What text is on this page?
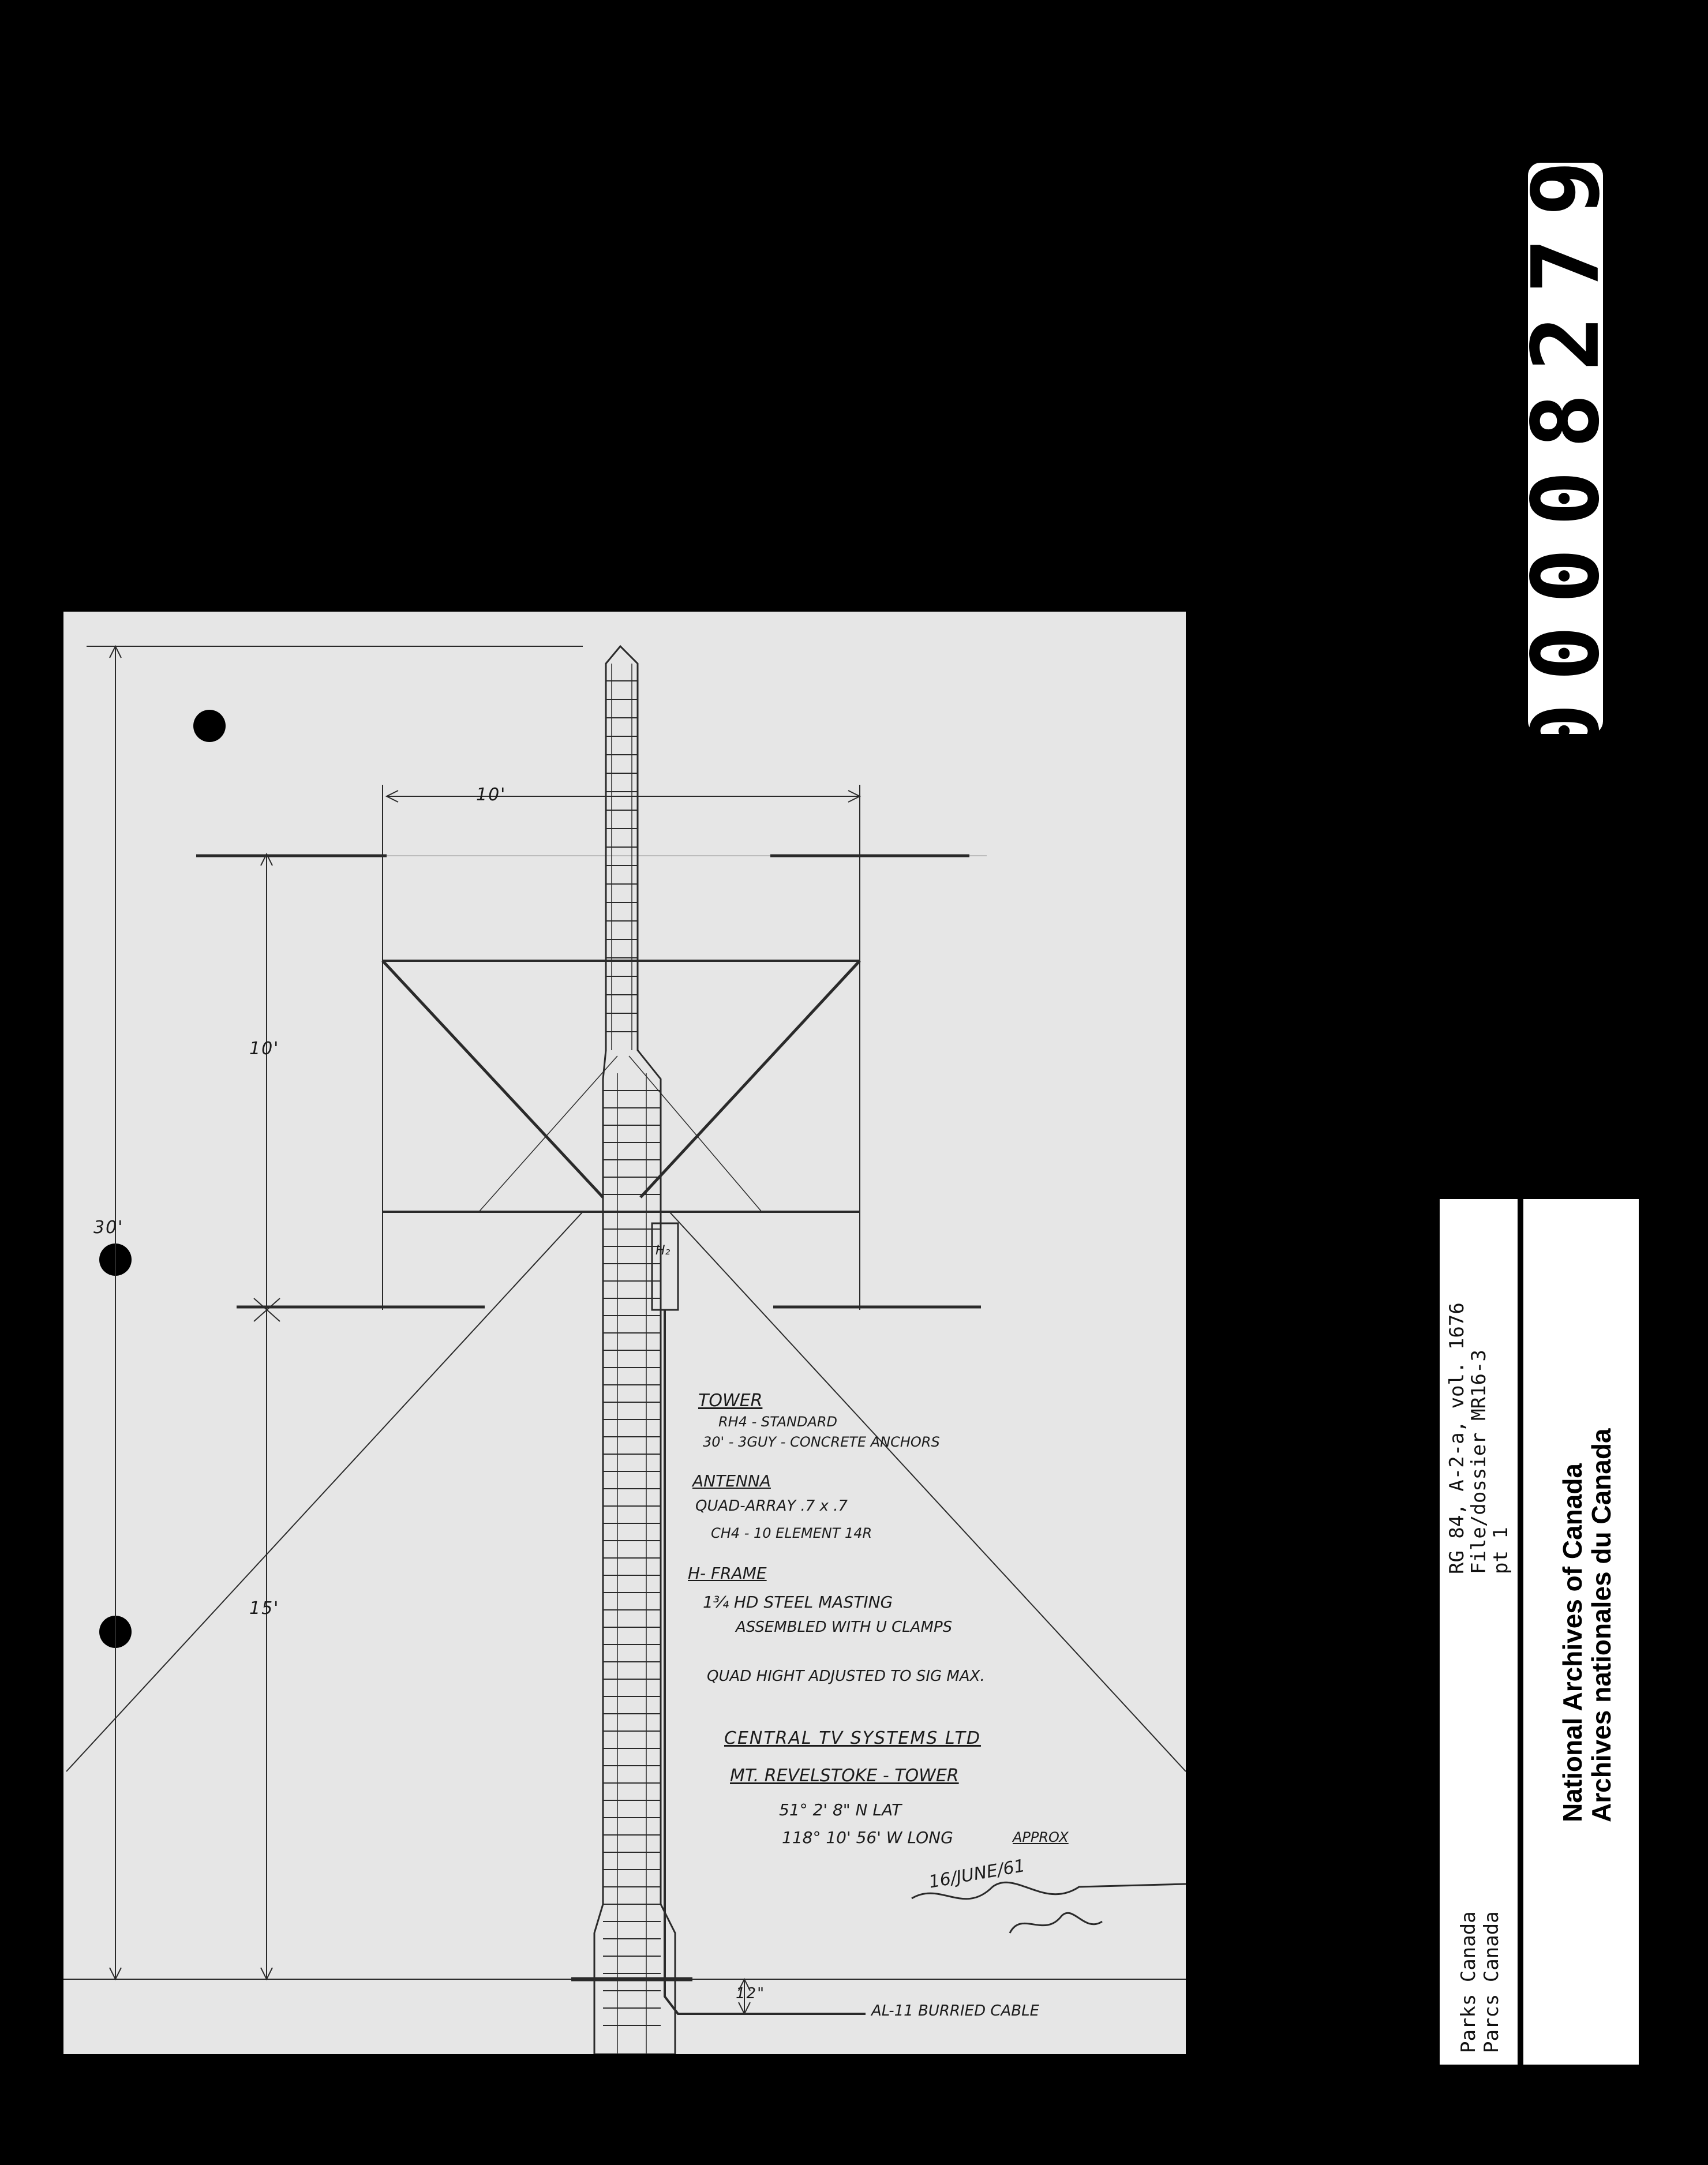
30'
10'
10'
15'
12"
H₂
TOWER
RH4 - STANDARD
30' - 3GUY - CONCRETE ANCHORS
ANTENNA
QUAD-ARRAY .7 x .7
CH4 - 10 ELEMENT 14R
H- FRAME
1¾ HD STEEL MASTING
ASSEMBLED WITH U CLAMPS
QUAD HIGHT ADJUSTED TO SIG MAX.
CENTRAL TV SYSTEMS LTD
MT. REVELSTOKE - TOWER
51° 2' 8" N LAT
118° 10' 56' W LONG	APPROX
16/JUNE/61
AL-11 BURRIED CABLE
00008279
Parks Canada Parcs Canada
RG 84, A-2-a, vol. 1676
File/dossier MR16-3
pt 1 National Archives of Canada
Archives nationales du Canada
